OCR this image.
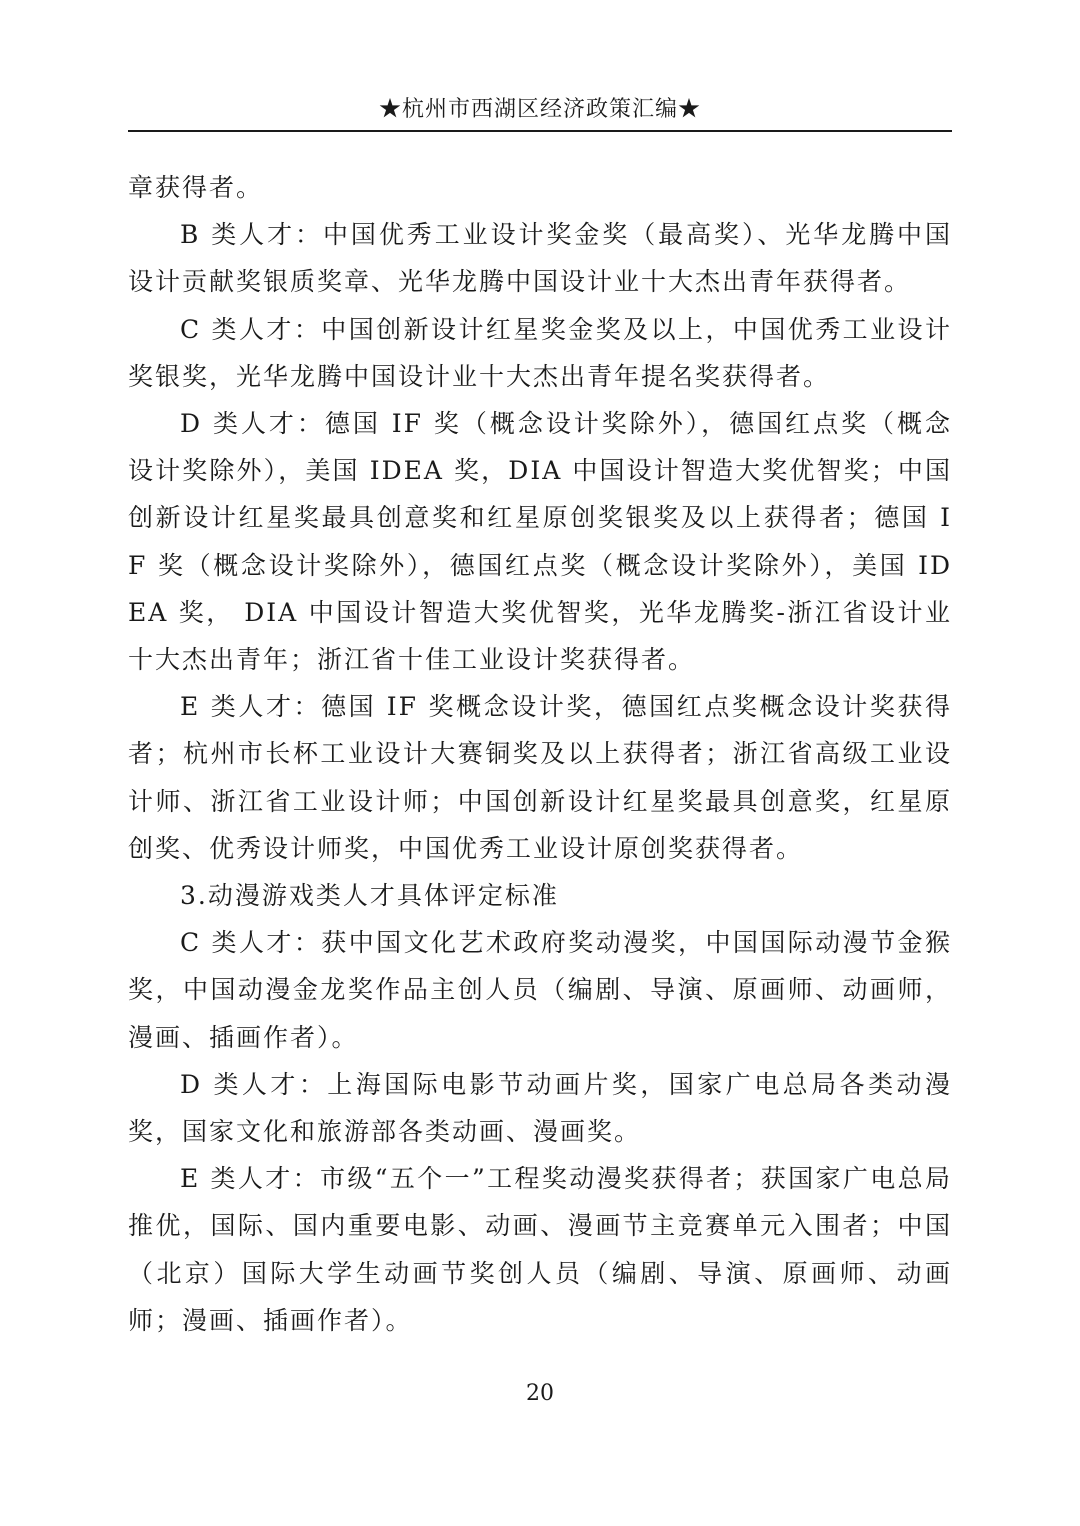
★杭州市西湖区经济政策汇编★

章获得者。

B 类人才：中国优秀工业设计奖金奖（最高奖）、光华龙腾中国设计贡献奖银质奖章、光华龙腾中国设计业十大杰出青年获得者。

C 类人才：中国创新设计红星奖金奖及以上，中国优秀工业设计奖银奖，光华龙腾中国设计业十大杰出青年提名奖获得者。

D 类人才：德国 IF 奖（概念设计奖除外），德国红点奖（概念设计奖除外），美国 IDEA 奖，DIA 中国设计智造大奖优智奖；中国创新设计红星奖最具创意奖和红星原创奖银奖及以上获得者；德国 IF 奖（概念设计奖除外），德国红点奖（概念设计奖除外），美国 IDEA 奖， DIA 中国设计智造大奖优智奖，光华龙腾奖-浙江省设计业十大杰出青年；浙江省十佳工业设计奖获得者。

E 类人才：德国 IF 奖概念设计奖，德国红点奖概念设计奖获得者；杭州市长杯工业设计大赛铜奖及以上获得者；浙江省高级工业设计师、浙江省工业设计师；中国创新设计红星奖最具创意奖，红星原创奖、优秀设计师奖，中国优秀工业设计原创奖获得者。

3.动漫游戏类人才具体评定标准

C 类人才：获中国文化艺术政府奖动漫奖，中国国际动漫节金猴奖，中国动漫金龙奖作品主创人员（编剧、导演、原画师、动画师，漫画、插画作者）。

D 类人才：上海国际电影节动画片奖，国家广电总局各类动漫奖，国家文化和旅游部各类动画、漫画奖。

E 类人才：市级“五个一”工程奖动漫奖获得者；获国家广电总局推优，国际、国内重要电影、动画、漫画节主竞赛单元入围者；中国（北京）国际大学生动画节奖创人员（编剧、导演、原画师、动画师；漫画、插画作者）。

20
